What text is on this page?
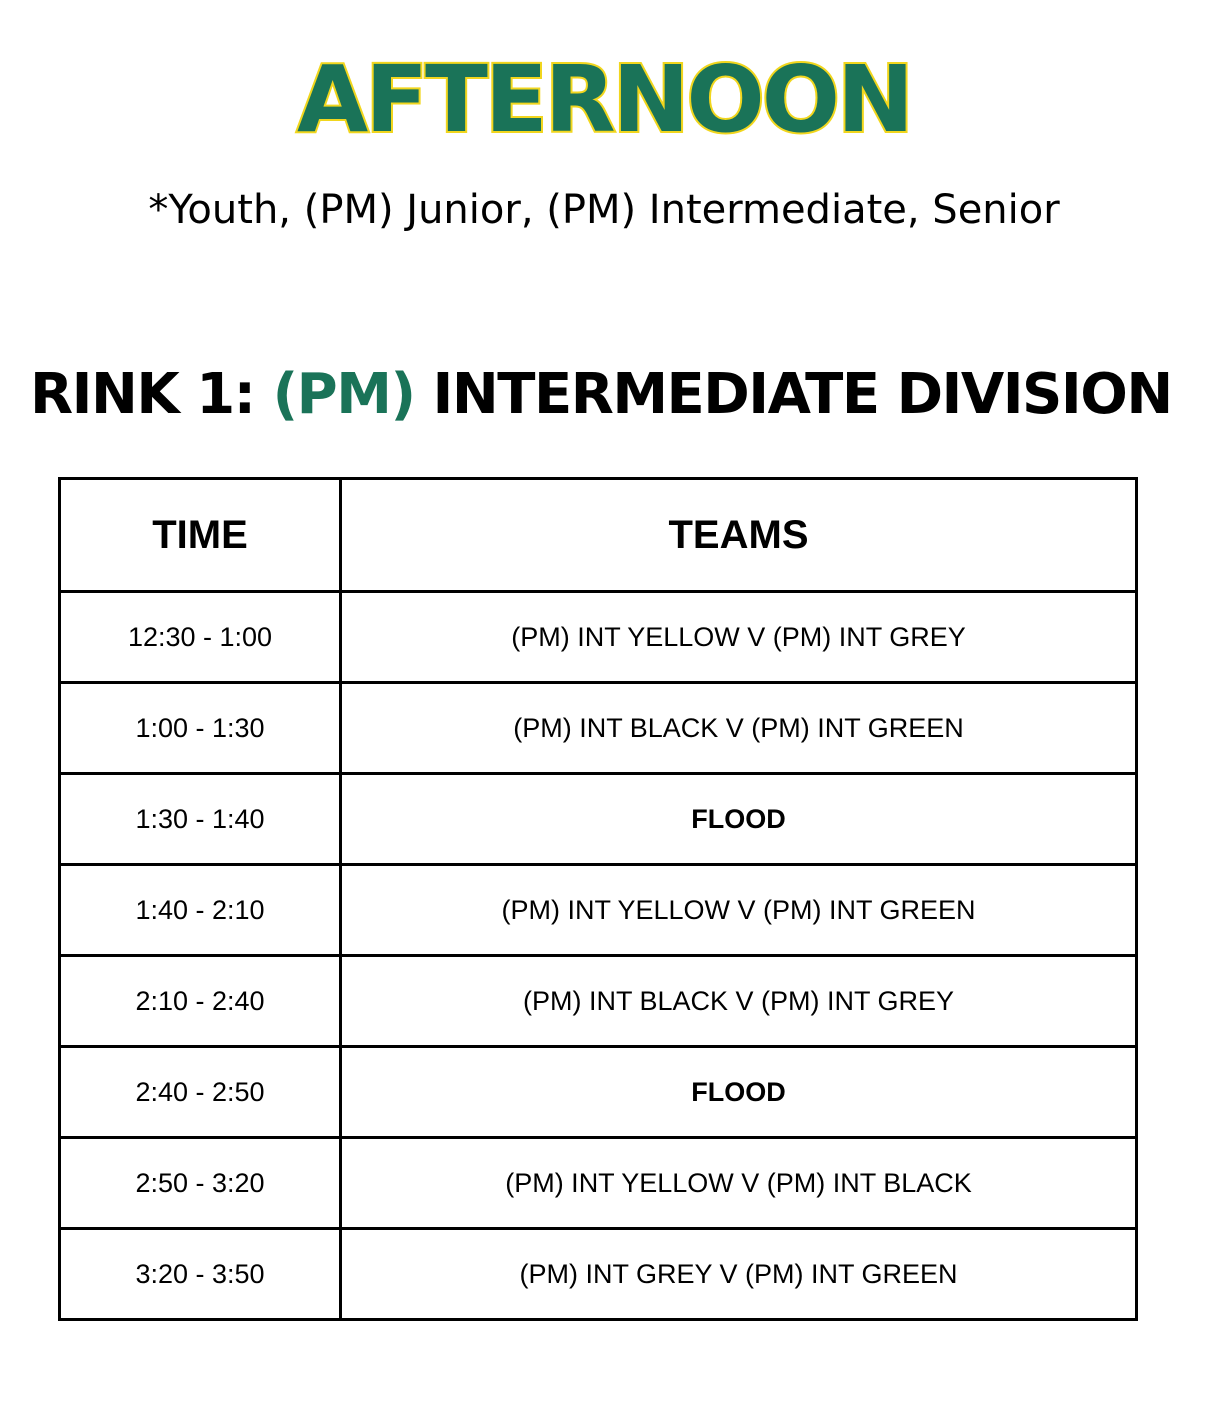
AFTERNOON
*Youth, (PM) Junior, (PM) Intermediate, Senior
RINK 1: (PM) INTERMEDIATE DIVISION
TIME	TEAMS
12:30 - 1:00	(PM) INT YELLOW V (PM) INT GREY
1:00 - 1:30	(PM) INT BLACK V (PM) INT GREEN
1:30 - 1:40	FLOOD
1:40 - 2:10	(PM) INT YELLOW V (PM) INT GREEN
2:10 - 2:40	(PM) INT BLACK V (PM) INT GREY
2:40 - 2:50	FLOOD
2:50 - 3:20	(PM) INT YELLOW V (PM) INT BLACK
3:20 - 3:50	(PM) INT GREY V (PM) INT GREEN
